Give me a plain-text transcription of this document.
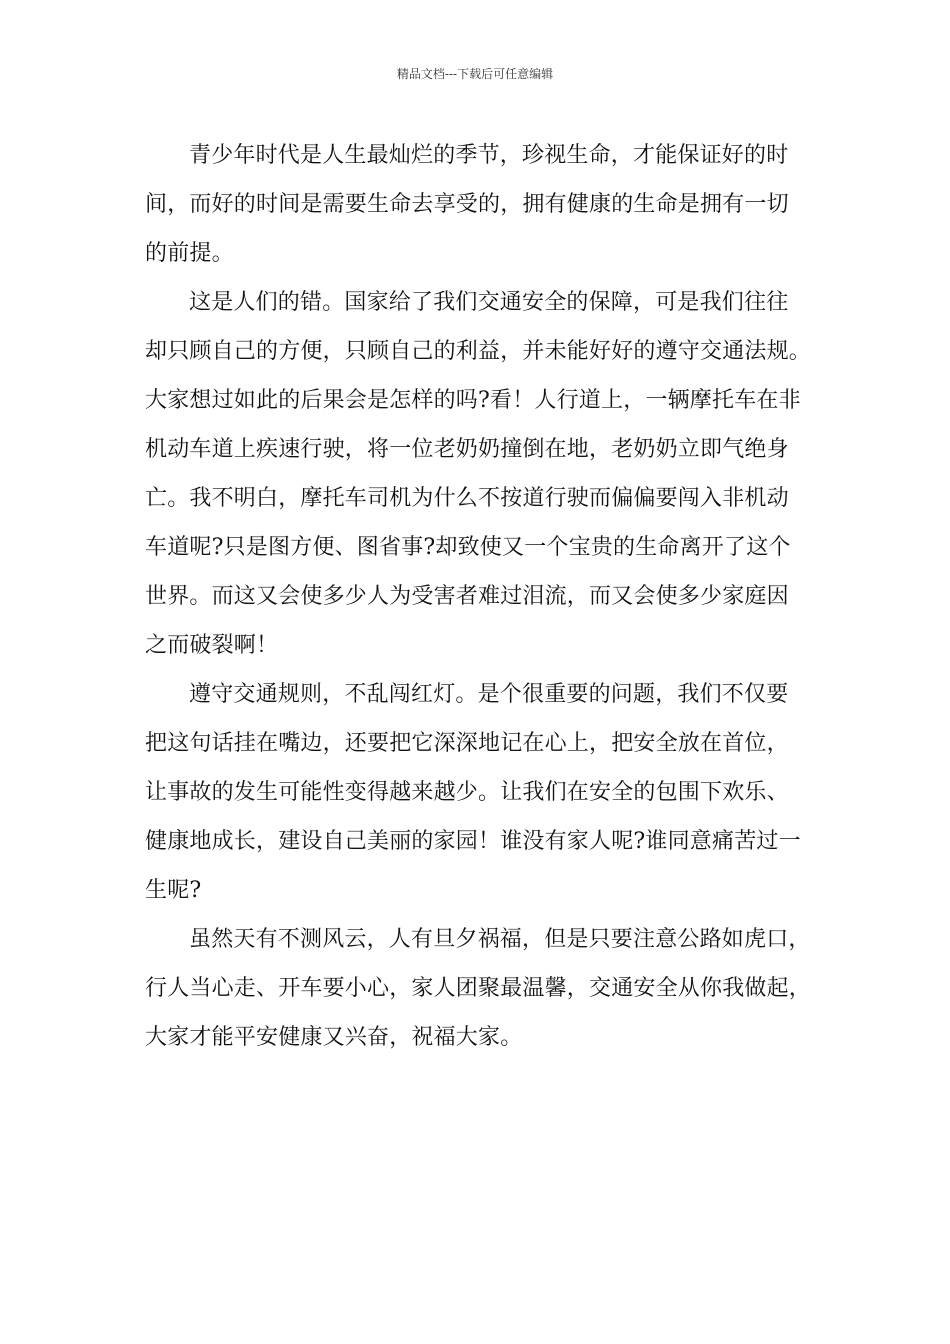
精品文档---下载后可任意编辑
青少年时代是人生最灿烂的季节，珍视生命，才能保证好的时
间，而好的时间是需要生命去享受的，拥有健康的生命是拥有一切
的前提。
这是人们的错。国家给了我们交通安全的保障，可是我们往往
却只顾自己的方便，只顾自己的利益，并未能好好的遵守交通法规。
大家想过如此的后果会是怎样的吗?看！人行道上，一辆摩托车在非
机动车道上疾速行驶，将一位老奶奶撞倒在地，老奶奶立即气绝身
亡。我不明白，摩托车司机为什么不按道行驶而偏偏要闯入非机动
车道呢?只是图方便、图省事?却致使又一个宝贵的生命离开了这个
世界。而这又会使多少人为受害者难过泪流，而又会使多少家庭因
之而破裂啊！
遵守交通规则，不乱闯红灯。是个很重要的问题，我们不仅要
把这句话挂在嘴边，还要把它深深地记在心上，把安全放在首位，
让事故的发生可能性变得越来越少。让我们在安全的包围下欢乐、
健康地成长，建设自己美丽的家园！谁没有家人呢?谁同意痛苦过一
生呢?
虽然天有不测风云，人有旦夕祸福，但是只要注意公路如虎口，
行人当心走、开车要小心，家人团聚最温馨，交通安全从你我做起，
大家才能平安健康又兴奋，祝福大家。
